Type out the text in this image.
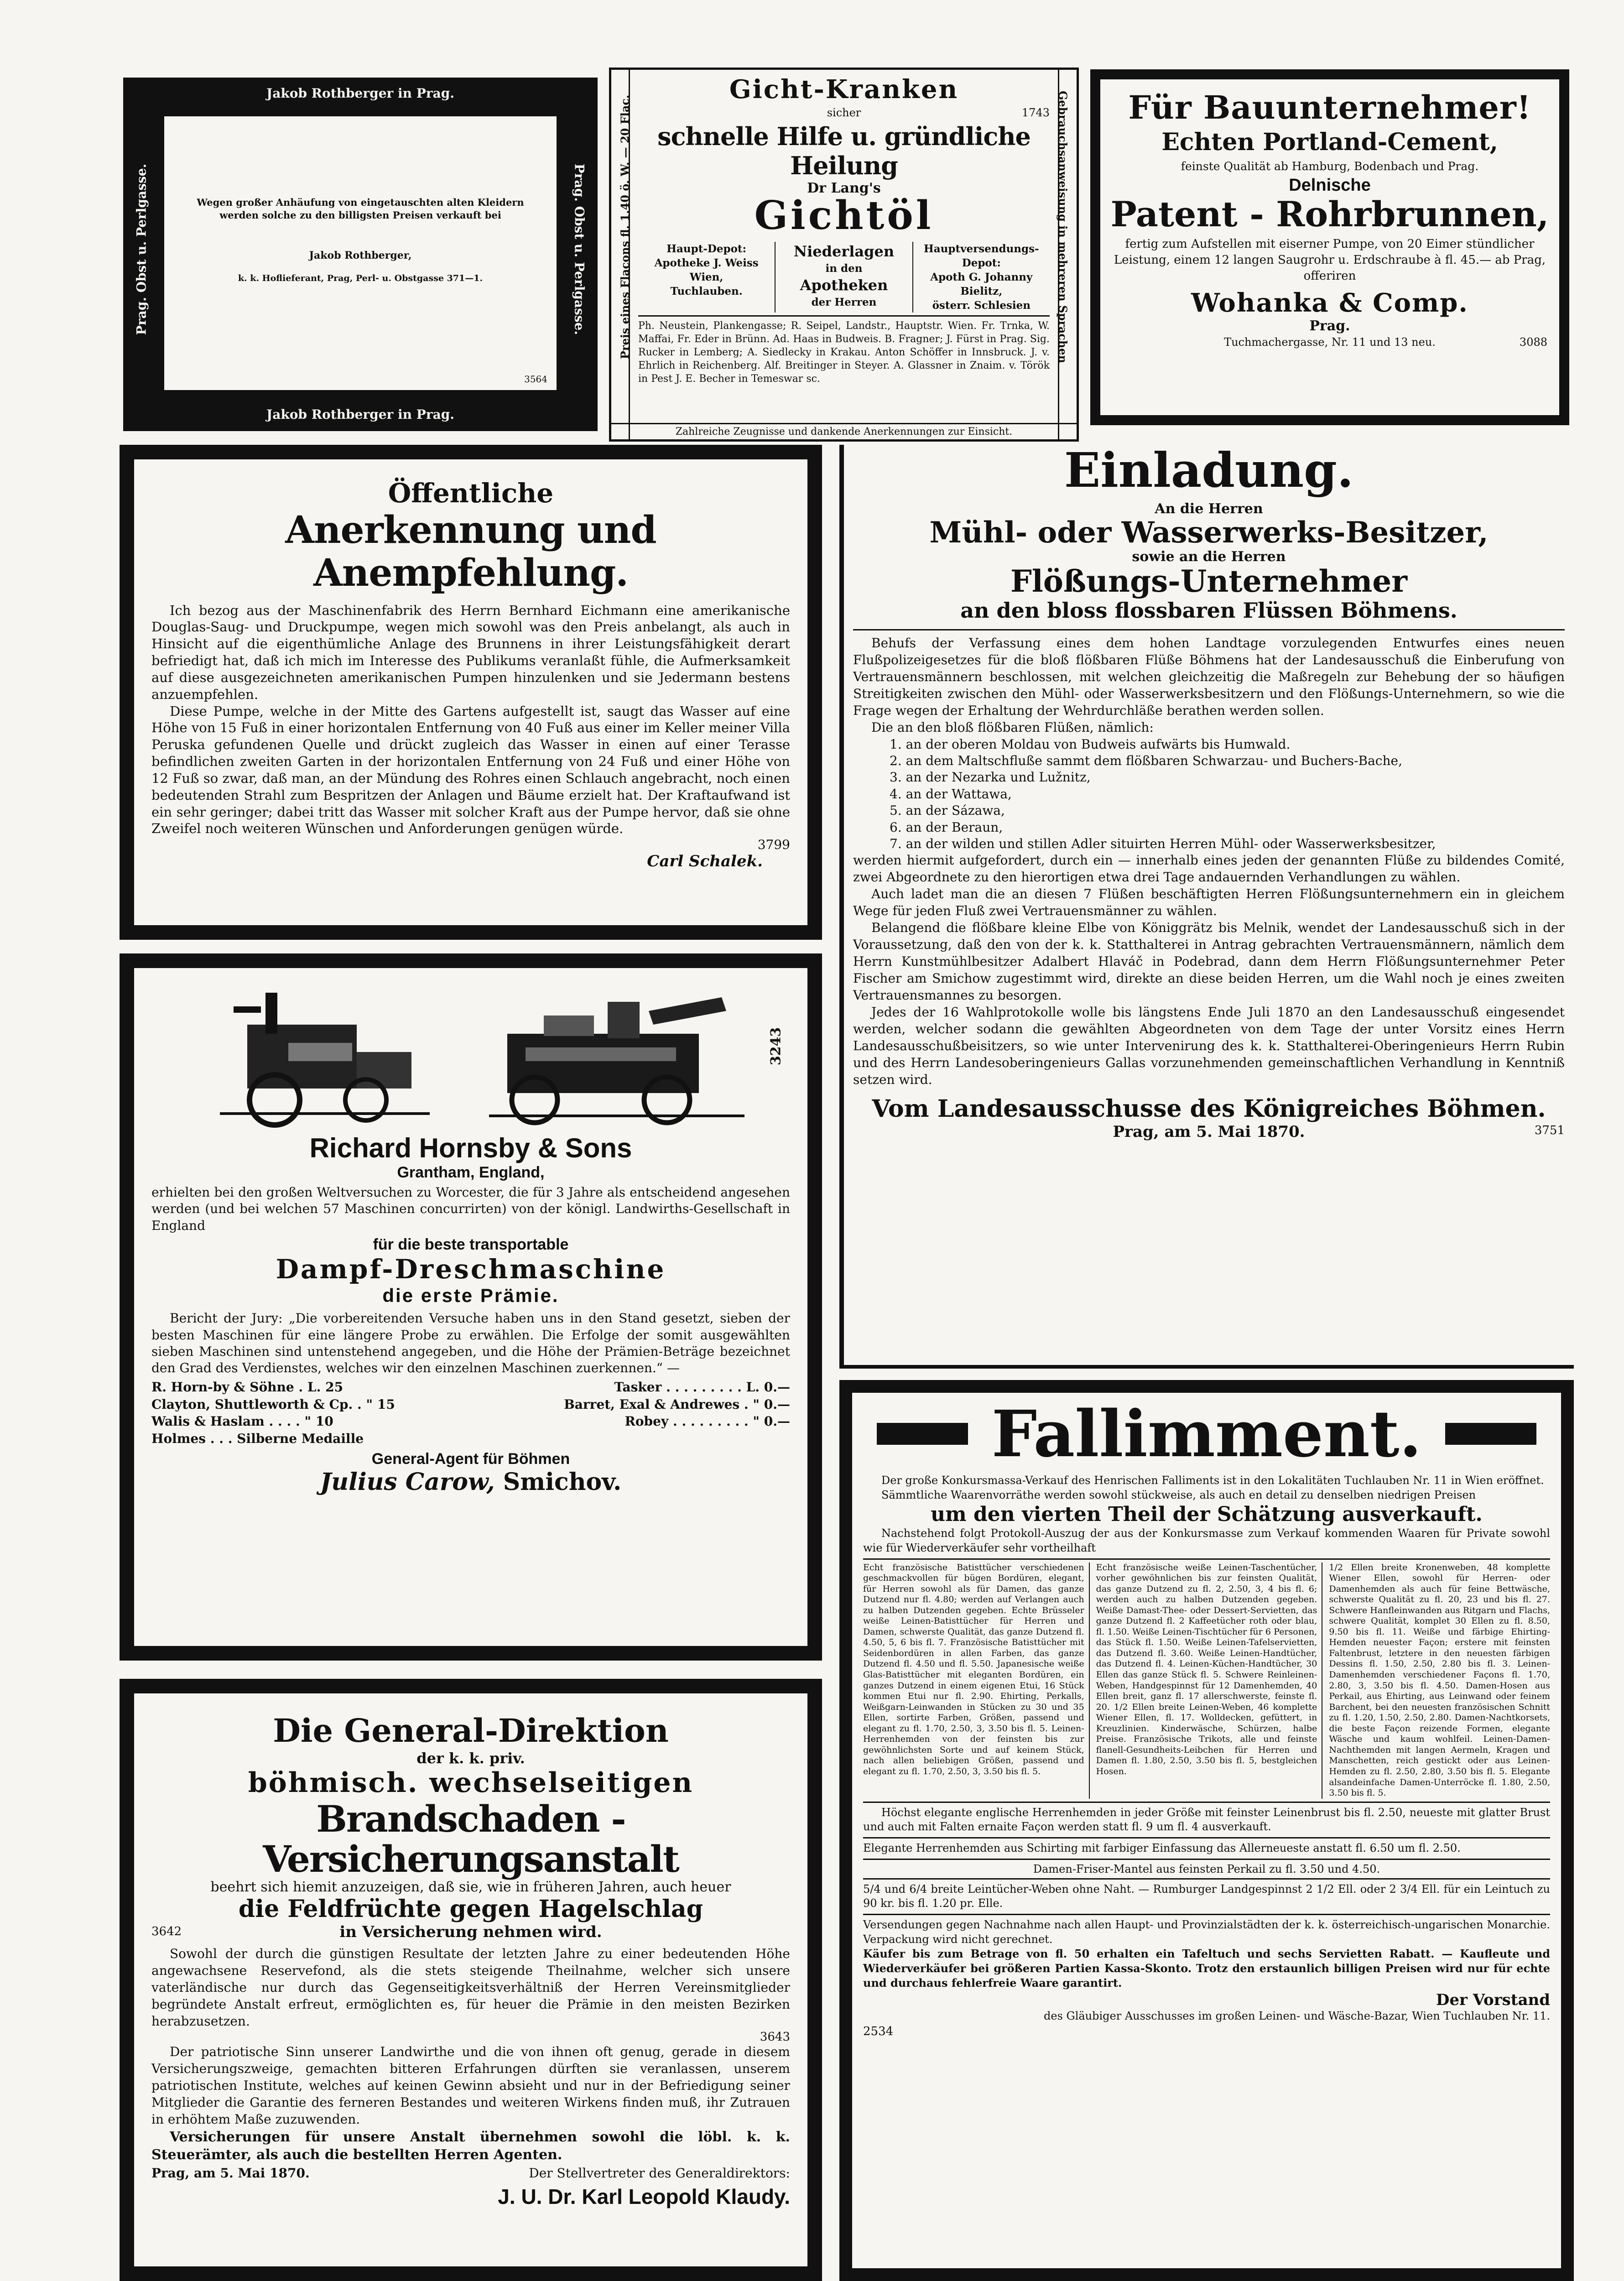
Jakob Rothberger in Prag.
Jakob Rothberger in Prag.
Prag. Obst u. Perlgasse.	Prag. Obst u. Perlgasse.
Wegen großer Anhäufung von eingetauschten alten Kleidern werden solche zu den billigsten Preisen verkauft bei
Jakob Rothberger,
k. k. Hoflieferant, Prag, Perl- u. Obstgasse 371—1.
3564
Preis eines Flacons fl. 1.40 ö. W. — 20 Flac.	Gebrauchsanweisung in mehreren Sprachen
Gicht-Kranken
sicher	1743
schnelle Hilfe u. gründliche Heilung
Dr Lang's
Gichtöl
Haupt-Depot:
Apotheke J. Weiss
Wien,
Tuchlauben.
Niederlagen
in den
Apotheken
der Herren
Hauptversendungs-
Depot:
Apoth G. Johanny
Bielitz,
österr. Schlesien
Ph. Neustein, Plankengasse; R. Seipel, Landstr., Hauptstr. Wien. Fr. Trnka, W. Maffai, Fr. Eder in Brünn. Ad. Haas in Budweis. B. Fragner; J. Fürst in Prag. Sig. Rucker in Lemberg; A. Siedlecky in Krakau. Anton Schöffer in Innsbruck. J. v. Ehrlich in Reichenberg. Alf. Breitinger in Steyer. A. Glassner in Znaim. v. Török in Pest J. E. Becher in Temeswar sc.
Zahlreiche Zeugnisse und dankende Anerkennungen zur Einsicht.
Für Bauunternehmer!
Echten Portland-Cement,
feinste Qualität ab Hamburg, Bodenbach und Prag.
Delnische
Patent - Rohrbrunnen,
fertig zum Aufstellen mit eiserner Pumpe, von 20 Eimer stündlicher Leistung, einem 12 langen Saugrohr u. Erdschraube à fl. 45.— ab Prag, offeriren
Wohanka & Comp.
Prag.
Tuchmachergasse, Nr. 11 und 13 neu.	3088
Öffentliche
Anerkennung und Anempfehlung.
Ich bezog aus der Maschinenfabrik des Herrn Bernhard Eichmann eine amerikanische Douglas-Saug- und Druckpumpe, wegen mich sowohl was den Preis anbelangt, als auch in Hinsicht auf die eigenthümliche Anlage des Brunnens in ihrer Leistungsfähigkeit derart befriedigt hat, daß ich mich im Interesse des Publikums veranlaßt fühle, die Aufmerksamkeit auf diese ausgezeichneten amerikanischen Pumpen hinzulenken und sie Jedermann bestens anzuempfehlen.
Diese Pumpe, welche in der Mitte des Gartens aufgestellt ist, saugt das Wasser auf eine Höhe von 15 Fuß in einer horizontalen Entfernung von 40 Fuß aus einer im Keller meiner Villa Peruska gefundenen Quelle und drückt zugleich das Wasser in einen auf einer Terasse befindlichen zweiten Garten in der horizontalen Entfernung von 24 Fuß und einer Höhe von 12 Fuß so zwar, daß man, an der Mündung des Rohres einen Schlauch angebracht, noch einen bedeutenden Strahl zum Bespritzen der Anlagen und Bäume erzielt hat. Der Kraftaufwand ist ein sehr geringer; dabei tritt das Wasser mit solcher Kraft aus der Pumpe hervor, daß sie ohne Zweifel noch weiteren Wünschen und Anforderungen genügen würde.
3799
Carl Schalek.
3243
Richard Hornsby & Sons
Grantham, England,
erhielten bei den großen Weltversuchen zu Worcester, die für 3 Jahre als entscheidend angesehen werden (und bei welchen 57 Maschinen concurrirten) von der königl. Landwirths-Gesellschaft in England
für die beste transportable
Dampf-Dreschmaschine
die erste Prämie.
Bericht der Jury: „Die vorbereitenden Versuche haben uns in den Stand gesetzt, sieben der besten Maschinen für eine längere Probe zu erwählen. Die Erfolge der somit ausgewählten sieben Maschinen sind untenstehend angegeben, und die Höhe der Prämien-Beträge bezeichnet den Grad des Verdienstes, welches wir den einzelnen Maschinen zuerkennen.“ —
R. Horn-by & Söhne . L. 25	Tasker . . . . . . . . . L. 0.—
Clayton, Shuttleworth & Cp. . " 15	Barret, Exal & Andrewes . " 0.—
Walis & Haslam . . . . " 10	Robey . . . . . . . . . " 0.—
Holmes . . . Silberne Medaille
General-Agent für Böhmen
Julius Carow, Smichov.
Die General-Direktion
der k. k. priv.
böhmisch. wechselseitigen
Brandschaden - Versicherungsanstalt
beehrt sich hiemit anzuzeigen, daß sie, wie in früheren Jahren, auch heuer
die Feldfrüchte gegen Hagelschlag
3642	in Versicherung nehmen wird.
Sowohl der durch die günstigen Resultate der letzten Jahre zu einer bedeutenden Höhe angewachsene Reservefond, als die stets steigende Theilnahme, welcher sich unsere vaterländische nur durch das Gegenseitigkeitsverhältniß der Herren Vereinsmitglieder begründete Anstalt erfreut, ermöglichten es, für heuer die Prämie in den meisten Bezirken herabzusetzen.
3643
Der patriotische Sinn unserer Landwirthe und die von ihnen oft genug, gerade in diesem Versicherungszweige, gemachten bitteren Erfahrungen dürften sie veranlassen, unserem patriotischen Institute, welches auf keinen Gewinn absieht und nur in der Befriedigung seiner Mitglieder die Garantie des ferneren Bestandes und weiteren Wirkens finden muß, ihr Zutrauen in erhöhtem Maße zuzuwenden.
Versicherungen für unsere Anstalt übernehmen sowohl die löbl. k. k. Steuerämter, als auch die bestellten Herren Agenten.
Prag, am 5. Mai 1870.	Der Stellvertreter des Generaldirektors:
J. U. Dr. Karl Leopold Klaudy.
Einladung.
An die Herren
Mühl- oder Wasserwerks-Besitzer,
sowie an die Herren
Flößungs-Unternehmer
an den bloss flossbaren Flüssen Böhmens.
Behufs der Verfassung eines dem hohen Landtage vorzulegenden Entwurfes eines neuen Flußpolizeigesetzes für die bloß flößbaren Flüße Böhmens hat der Landesausschuß die Einberufung von Vertrauensmännern beschlossen, mit welchen gleichzeitig die Maßregeln zur Behebung der so häufigen Streitigkeiten zwischen den Mühl- oder Wasserwerksbesitzern und den Flößungs-Unternehmern, so wie die Frage wegen der Erhaltung der Wehrdurchläße berathen werden sollen.
Die an den bloß flößbaren Flüßen, nämlich:
1. an der oberen Moldau von Budweis aufwärts bis Humwald.
2. an dem Maltschfluße sammt dem flößbaren Schwarzau- und Buchers-Bache,
3. an der Nezarka und Lužnitz,
4. an der Wattawa,
5. an der Sázawa,
6. an der Beraun,
7. an der wilden und stillen Adler situirten Herren Mühl- oder Wasserwerksbesitzer,
werden hiermit aufgefordert, durch ein — innerhalb eines jeden der genannten Flüße zu bildendes Comité, zwei Abgeordnete zu den hierortigen etwa drei Tage andauernden Verhandlungen zu wählen.
Auch ladet man die an diesen 7 Flüßen beschäftigten Herren Flößungsunternehmern ein in gleichem Wege für jeden Fluß zwei Vertrauensmänner zu wählen.
Belangend die flößbare kleine Elbe von Königgrätz bis Melnik, wendet der Landesausschuß sich in der Voraussetzung, daß den von der k. k. Statthalterei in Antrag gebrachten Vertrauensmännern, nämlich dem Herrn Kunstmühlbesitzer Adalbert Hlaváč in Podebrad, dann dem Herrn Flößungsunternehmer Peter Fischer am Smichow zugestimmt wird, direkte an diese beiden Herren, um die Wahl noch je eines zweiten Vertrauensmannes zu besorgen.
Jedes der 16 Wahlprotokolle wolle bis längstens Ende Juli 1870 an den Landesausschuß eingesendet werden, welcher sodann die gewählten Abgeordneten von dem Tage der unter Vorsitz eines Herrn Landesausschußbeisitzers, so wie unter Intervenirung des k. k. Statthalterei-Oberingenieurs Herrn Rubin und des Herrn Landesoberingenieurs Gallas vorzunehmenden gemeinschaftlichen Verhandlung in Kenntniß setzen wird.
Vom Landesausschusse des Königreiches Böhmen.
Prag, am 5. Mai 1870.	3751
Fallimment.
Der große Konkursmassa-Verkauf des Henrischen Falliments ist in den Lokalitäten Tuchlauben Nr. 11 in Wien eröffnet.
Sämmtliche Waarenvorräthe werden sowohl stückweise, als auch en detail zu denselben niedrigen Preisen
um den vierten Theil der Schätzung ausverkauft.
Nachstehend folgt Protokoll-Auszug der aus der Konkursmasse zum Verkauf kommenden Waaren für Private sowohl wie für Wiederverkäufer sehr vortheilhaft
Echt französische Batisttücher verschiedenen geschmackvollen für bügen Bordüren, elegant, für Herren sowohl als für Damen, das ganze Dutzend nur fl. 4.80; werden auf Verlangen auch zu halben Dutzenden gegeben. Echte Brüsseler weiße Leinen-Batisttücher für Herren und Damen, schwerste Qualität, das ganze Dutzend fl. 4.50, 5, 6 bis fl. 7. Französische Batisttücher mit Seidenbordüren in allen Farben, das ganze Dutzend fl. 4.50 und fl. 5.50. Japanesische weiße Glas-Batisttücher mit eleganten Bordüren, ein ganzes Dutzend in einem eigenen Etui, 16 Stück kommen Etui nur fl. 2.90. Ehirting, Perkalls, Weißgarn-Leinwanden in Stücken zu 30 und 35 Ellen, sortirte Farben, Größen, passend und elegant zu fl. 1.70, 2.50, 3, 3.50 bis fl. 5. Leinen-Herrenhemden von der feinsten bis zur gewöhnlichsten Sorte und auf keinem Stück, nach allen beliebigen Größen, passend und elegant zu fl. 1.70, 2.50, 3, 3.50 bis fl. 5.
Echt französische weiße Leinen-Taschentücher, vorher gewöhnlichen bis zur feinsten Qualität, das ganze Dutzend zu fl. 2, 2.50, 3, 4 bis fl. 6; werden auch zu halben Dutzenden gegeben. Weiße Damast-Thee- oder Dessert-Servietten, das ganze Dutzend fl. 2 Kaffeetücher roth oder blau, fl. 1.50. Weiße Leinen-Tischtücher für 6 Personen, das Stück fl. 1.50. Weiße Leinen-Tafelservietten, das Dutzend fl. 3.60. Weiße Leinen-Handtücher, das Dutzend fl. 4. Leinen-Küchen-Handtücher, 30 Ellen das ganze Stück fl. 5. Schwere Reinleinen-Weben, Handgespinnst für 12 Damenhemden, 40 Ellen breit, ganz fl. 17 allerschwerste, feinste fl. 20. 1/2 Ellen breite Leinen-Weben, 46 komplette Wiener Ellen, fl. 17. Wolldecken, gefüttert, in Kreuzlinien. Kinderwäsche, Schürzen, halbe Preise. Französische Trikots, alle und feinste flanell-Gesundheits-Leibchen für Herren und Damen fl. 1.80, 2.50, 3.50 bis fl. 5, bestgleichen Hosen.
1/2 Ellen breite Kronenweben, 48 komplette Wiener Ellen, sowohl für Herren- oder Damenhemden als auch für feine Bettwäsche, schwerste Qualität zu fl. 20, 23 und bis fl. 27. Schwere Hanfleinwanden aus Ritgarn und Flachs, schwere Qualität, komplet 30 Ellen zu fl. 8.50, 9.50 bis fl. 11. Weiße und färbige Ehirting-Hemden neuester Façon; erstere mit feinsten Faltenbrust, letztere in den neuesten färbigen Dessins fl. 1.50, 2.50, 2.80 bis fl. 3. Leinen-Damenhemden verschiedener Façons fl. 1.70, 2.80, 3, 3.50 bis fl. 4.50. Damen-Hosen aus Perkail, aus Ehirting, aus Leinwand oder feinem Barchent, bei den neuesten französischen Schnitt zu fl. 1.20, 1.50, 2.50, 2.80. Damen-Nachtkorsets, die beste Façon reizende Formen, elegante Wäsche und kaum wohlfeil. Leinen-Damen-Nachthemden mit langen Aermeln, Kragen und Manschetten, reich gestickt oder aus Leinen-Hemden zu fl. 2.50, 2.80, 3.50 bis fl. 5. Elegante alsandeinfache Damen-Unterröcke fl. 1.80, 2.50, 3.50 bis fl. 5.
Höchst elegante englische Herrenhemden in jeder Größe mit feinster Leinenbrust bis fl. 2.50, neueste mit glatter Brust und auch mit Falten ernaite Façon werden statt fl. 9 um fl. 4 ausverkauft.
Elegante Herrenhemden aus Schirting mit farbiger Einfassung das Allerneueste anstatt fl. 6.50 um fl. 2.50.
Damen-Friser-Mantel aus feinsten Perkail zu fl. 3.50 und 4.50.
5/4 und 6/4 breite Leintücher-Weben ohne Naht. — Rumburger Landgespinnst 2 1/2 Ell. oder 2 3/4 Ell. für ein Leintuch zu 90 kr. bis fl. 1.20 pr. Elle.
Versendungen gegen Nachnahme nach allen Haupt- und Provinzialstädten der k. k. österreichisch-ungarischen Monarchie. Verpackung wird nicht gerechnet.
Käufer bis zum Betrage von fl. 50 erhalten ein Tafeltuch und sechs Servietten Rabatt. — Kaufleute und Wiederverkäufer bei größeren Partien Kassa-Skonto. Trotz den erstaunlich billigen Preisen wird nur für echte und durchaus fehlerfreie Waare garantirt.
Der Vorstand
des Gläubiger Ausschusses im großen Leinen- und Wäsche-Bazar, Wien Tuchlauben Nr. 11.
2534
